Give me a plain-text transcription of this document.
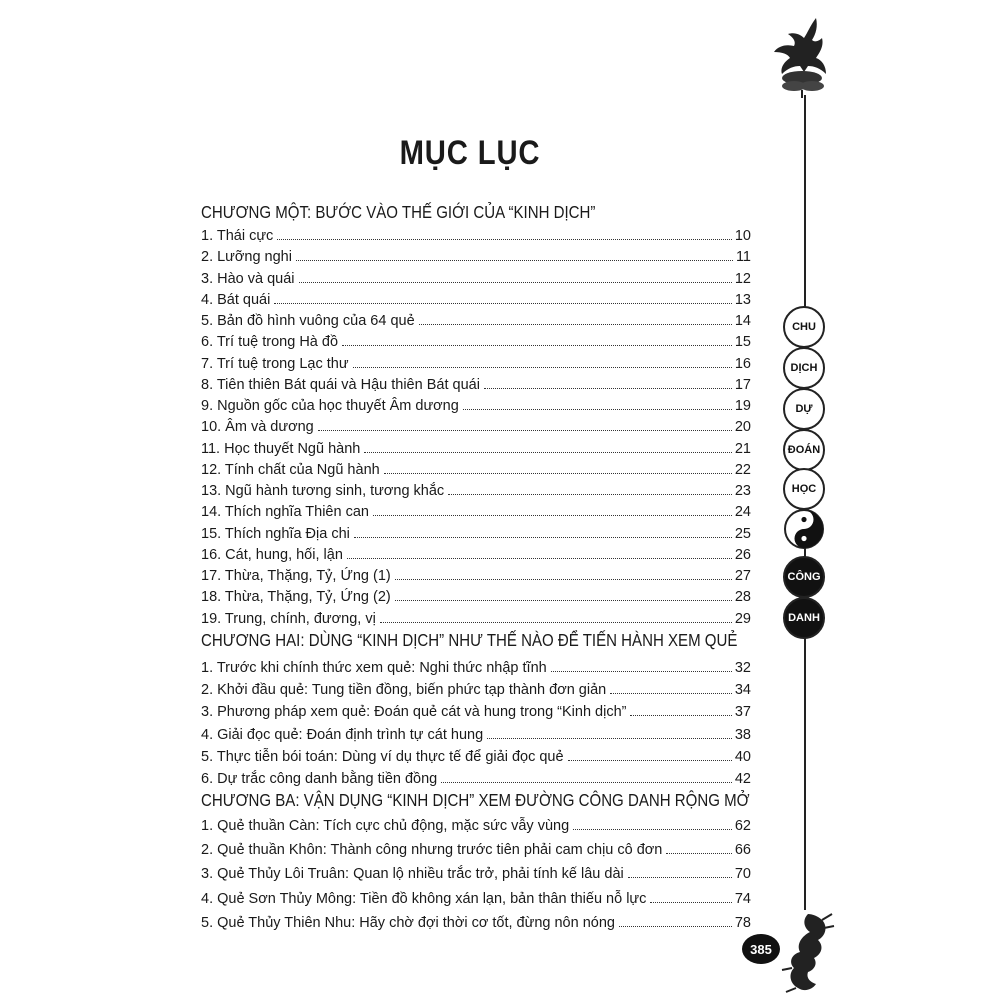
MỤC LỤC
CHƯƠNG MỘT: BƯỚC VÀO THẾ GIỚI CỦA “KINH DỊCH”
1. Thái cực	10
2. Lưỡng nghi	11
3. Hào và quái	12
4. Bát quái	13
5. Bản đồ hình vuông của 64 quẻ	14
6. Trí tuệ trong Hà đồ	15
7. Trí tuệ trong Lạc thư	16
8. Tiên thiên Bát quái và Hậu thiên Bát quái	17
9. Nguồn gốc của học thuyết Âm dương	19
10. Âm và dương	20
11. Học thuyết Ngũ hành	21
12. Tính chất của Ngũ hành	22
13. Ngũ hành tương sinh, tương khắc	23
14. Thích nghĩa Thiên can	24
15. Thích nghĩa Địa chi	25
16. Cát, hung, hối, lận	26
17. Thừa, Thặng, Tỷ, Ứng (1)	27
18. Thừa, Thặng, Tỷ, Ứng (2)	28
19. Trung, chính, đương, vị	29
CHƯƠNG HAI: DÙNG “KINH DỊCH” NHƯ THẾ NÀO ĐỂ TIẾN HÀNH XEM QUẺ
1. Trước khi chính thức xem quẻ: Nghi thức nhập tĩnh	32
2. Khởi đầu quẻ: Tung tiền đồng, biến phức tạp thành đơn giản	34
3. Phương pháp xem quẻ: Đoán quẻ cát và hung trong “Kinh dịch”	37
4. Giải đọc quẻ: Đoán định trình tự cát hung	38
5. Thực tiễn bói toán: Dùng ví dụ thực tế để giải đọc quẻ	40
6. Dự trắc công danh bằng tiền đồng	42
CHƯƠNG BA: VẬN DỤNG “KINH DỊCH” XEM ĐƯỜNG CÔNG DANH RỘNG MỞ
1. Quẻ thuần Càn: Tích cực chủ động, mặc sức vẫy vùng	62
2. Quẻ thuần Khôn: Thành công nhưng trước tiên phải cam chịu cô đơn	66
3. Quẻ Thủy Lôi Truân: Quan lộ nhiều trắc trở, phải tính kế lâu dài	70
4. Quẻ Sơn Thủy Mông: Tiền đồ không xán lạn, bản thân thiếu nỗ lực	74
5. Quẻ Thủy Thiên Nhu: Hãy chờ đợi thời cơ tốt, đừng nôn nóng	78
CHU
DỊCH
DỰ
ĐOÁN
HỌC
CÔNG
DANH
385
